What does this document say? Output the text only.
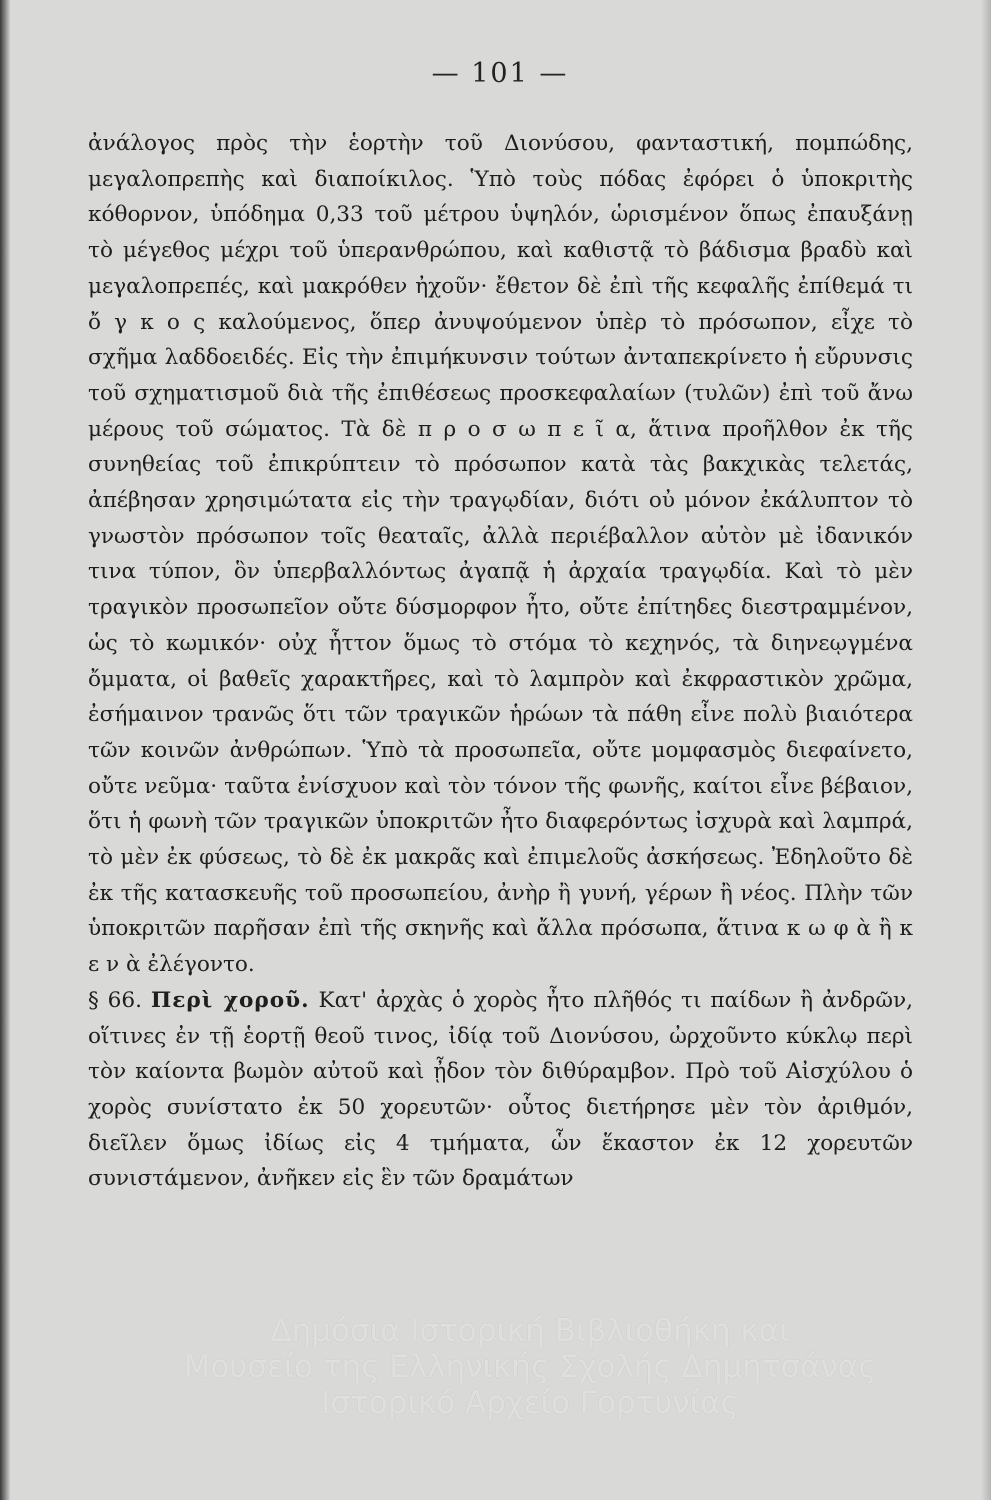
— 101 —

ἀνάλογος πρὸς τὴν ἑορτὴν τοῦ Διονύσου, φανταστική, πομπώδης, μεγαλοπρεπὴς καὶ διαποίκιλος. Ὑπὸ τοὺς πόδας ἐφόρει ὁ ὑποκριτὴς κόθορνον, ὑπόδημα 0,33 τοῦ μέτρου ὑψηλόν, ὡρισμένον ὅπως ἐπαυξάνῃ τὸ μέγεθος μέχρι τοῦ ὑπερανθρώπου, καὶ καθιστᾷ τὸ βάδισμα βραδὺ καὶ μεγαλοπρεπές, καὶ μακρόθεν ἠχοῦν· ἔθετον δὲ ἐπὶ τῆς κεφαλῆς ἐπίθεμά τι ὄ γ κ ο ς καλούμενος, ὅπερ ἀνυψούμενον ὑπὲρ τὸ πρόσωπον, εἶχε τὸ σχῆμα λαδδοειδές. Εἰς τὴν ἐπιμήκυνσιν τούτων ἀνταπεκρίνετο ἡ εὔρυνσις τοῦ σχηματισμοῦ διὰ τῆς ἐπιθέσεως προσκεφαλαίων (τυλῶν) ἐπὶ τοῦ ἄνω μέρους τοῦ σώματος. Τὰ δὲ π ρ ο σ ω π ε ῖ α, ἅτινα προῆλθον ἐκ τῆς συνηθείας τοῦ ἐπικρύπτειν τὸ πρόσωπον κατὰ τὰς βακχικὰς τελετάς, ἀπέβησαν χρησιμώτατα εἰς τὴν τραγῳδίαν, διότι οὐ μόνον ἐκάλυπτον τὸ γνωστὸν πρόσωπον τοῖς θεαταῖς, ἀλλὰ περιέβαλλον αὐτὸν μὲ ἰδανικόν τινα τύπον, ὃν ὑπερβαλλόντως ἀγαπᾷ ἡ ἀρχαία τραγῳδία. Καὶ τὸ μὲν τραγικὸν προσωπεῖον οὔτε δύσμορφον ἦτο, οὔτε ἐπίτηδες διεστραμμένον, ὡς τὸ κωμικόν· οὐχ ἧττον ὅμως τὸ στόμα τὸ κεχηνός, τὰ διηνεῳγμένα ὄμματα, οἱ βαθεῖς χαρακτῆρες, καὶ τὸ λαμπρὸν καὶ ἐκφραστικὸν χρῶμα, ἐσήμαινον τρανῶς ὅτι τῶν τραγικῶν ἡρώων τὰ πάθη εἶνε πολὺ βιαιότερα τῶν κοινῶν ἀνθρώπων. Ὑπὸ τὰ προσωπεῖα, οὔτε μομφασμὸς διεφαίνετο, οὔτε νεῦμα· ταῦτα ἐνίσχυον καὶ τὸν τόνον τῆς φωνῆς, καίτοι εἶνε βέβαιον, ὅτι ἡ φωνὴ τῶν τραγικῶν ὑποκριτῶν ἦτο διαφερόντως ἰσχυρὰ καὶ λαμπρά, τὸ μὲν ἐκ φύσεως, τὸ δὲ ἐκ μακρᾶς καὶ ἐπιμελοῦς ἀσκήσεως. Ἐδηλοῦτο δὲ ἐκ τῆς κατασκευῆς τοῦ προσωπείου, ἀνὴρ ἢ γυνή, γέρων ἢ νέος. Πλὴν τῶν ὑποκριτῶν παρῆσαν ἐπὶ τῆς σκηνῆς καὶ ἄλλα πρόσωπα, ἅτινα κ ω φ ὰ ἢ κ ε ν ὰ ἐλέγοντο.

§ 66. Περὶ χοροῦ. Κατ' ἀρχὰς ὁ χορὸς ἦτο πλῆθός τι παίδων ἢ ἀνδρῶν, οἵτινες ἐν τῇ ἑορτῇ θεοῦ τινος, ἰδίᾳ τοῦ Διονύσου, ὠρχοῦντο κύκλῳ περὶ τὸν καίοντα βωμὸν αὐτοῦ καὶ ᾖδον τὸν διθύραμβον. Πρὸ τοῦ Αἰσχύλου ὁ χορὸς συνίστατο ἐκ 50 χορευτῶν· οὗτος διετήρησε μὲν τὸν ἀριθμόν, διεῖλεν ὅμως ἰδίως εἰς 4 τμήματα, ὧν ἕκαστον ἐκ 12 χορευτῶν συνιστάμενον, ἀνῆκεν εἰς ἓν τῶν δραμάτων

Δημόσια Ιστορική Βιβλιοθήκη και
Μουσείο της Ελληνικής Σχολής Δημητσάνας
Ιστορικό Αρχείο Γορτυνίας
